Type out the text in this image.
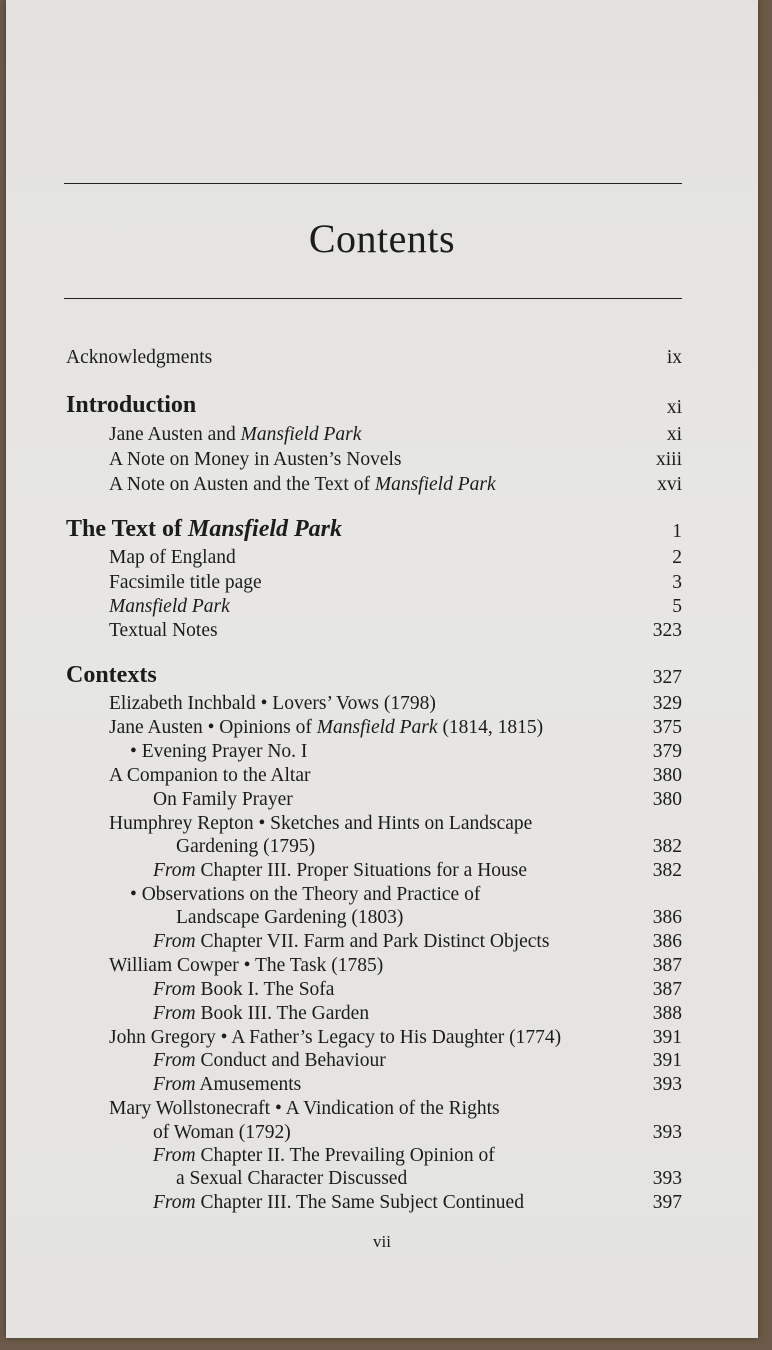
Contents
Acknowledgments	ix
Introduction	xi
Jane Austen and Mansfield Park	xi
A Note on Money in Austen’s Novels	xiii
A Note on Austen and the Text of Mansfield Park	xvi
The Text of Mansfield Park	1
Map of England	2
Facsimile title page	3
Mansfield Park	5
Textual Notes	323
Contexts	327
Elizabeth Inchbald • Lovers’ Vows (1798)	329
Jane Austen • Opinions of Mansfield Park (1814, 1815)	375
• Evening Prayer No. I	379
A Companion to the Altar	380
On Family Prayer	380
Humphrey Repton • Sketches and Hints on Landscape
Gardening (1795)	382
From Chapter III. Proper Situations for a House	382
• Observations on the Theory and Practice of
Landscape Gardening (1803)	386
From Chapter VII. Farm and Park Distinct Objects	386
William Cowper • The Task (1785)	387
From Book I. The Sofa	387
From Book III. The Garden	388
John Gregory • A Father’s Legacy to His Daughter (1774)	391
From Conduct and Behaviour	391
From Amusements	393
Mary Wollstonecraft • A Vindication of the Rights
of Woman (1792)	393
From Chapter II. The Prevailing Opinion of
a Sexual Character Discussed	393
From Chapter III. The Same Subject Continued	397
vii
